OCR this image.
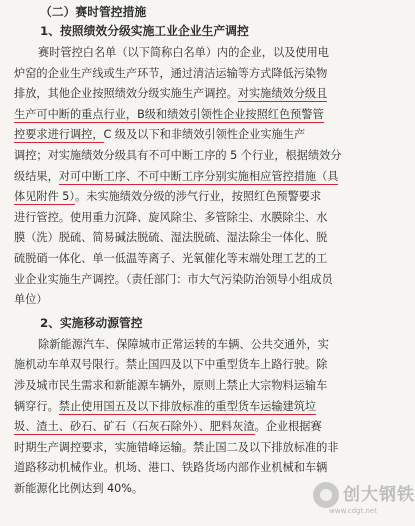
（二）赛时管控措施

1、按照绩效分级实施工业企业生产调控

赛时管控白名单（以下简称白名单）内的企业，以及使用电
炉窑的企业生产线或生产环节，通过清洁运输等方式降低污染物
排放，其他企业按照绩效分级实施生产调控。对实施绩效分级且
生产可中断的重点行业，B级和绩效引领性企业按照红色预警管
控要求进行调控，C 级及以下和非绩效引领性企业实施生产
调控；对实施绩效分级具有不可中断工序的 5 个行业，根据绩效分
级结果，对可中断工序、不可中断工序分别实施相应管控措施（具
体见附件 5）。未实施绩效分级的涉气行业，按照红色预警要求
进行管控。使用重力沉降、旋风除尘、多管除尘、水膜除尘、水
膜（洗）脱硫、简易碱法脱硫、湿法脱硫、湿法除尘一体化、脱
硫脱硝一体化、单一低温等离子、光氧催化等末端处理工艺的工
业企业实施生产调控。（责任部门：市大气污染防治领导小组成员
单位）

2、实施移动源管控

除新能源汽车、保障城市正常运转的车辆、公共交通外，实
施机动车单双号限行。禁止国四及以下中重型货车上路行驶。除
涉及城市民生需求和新能源车辆外，原则上禁止大宗物料运输车
辆穿行。禁止使用国五及以下排放标准的重型货车运输建筑垃
圾、渣土、砂石、矿石（石灰石除外）、肥料灰渣。企业根据赛
时期生产调控要求，实施错峰运输。禁止国二及以下排放标准的非
道路移动机械作业。机场、港口、铁路货场内部作业机械和车辆
新能源化比例达到 40%。	创大钢铁
www.cdgt.net
